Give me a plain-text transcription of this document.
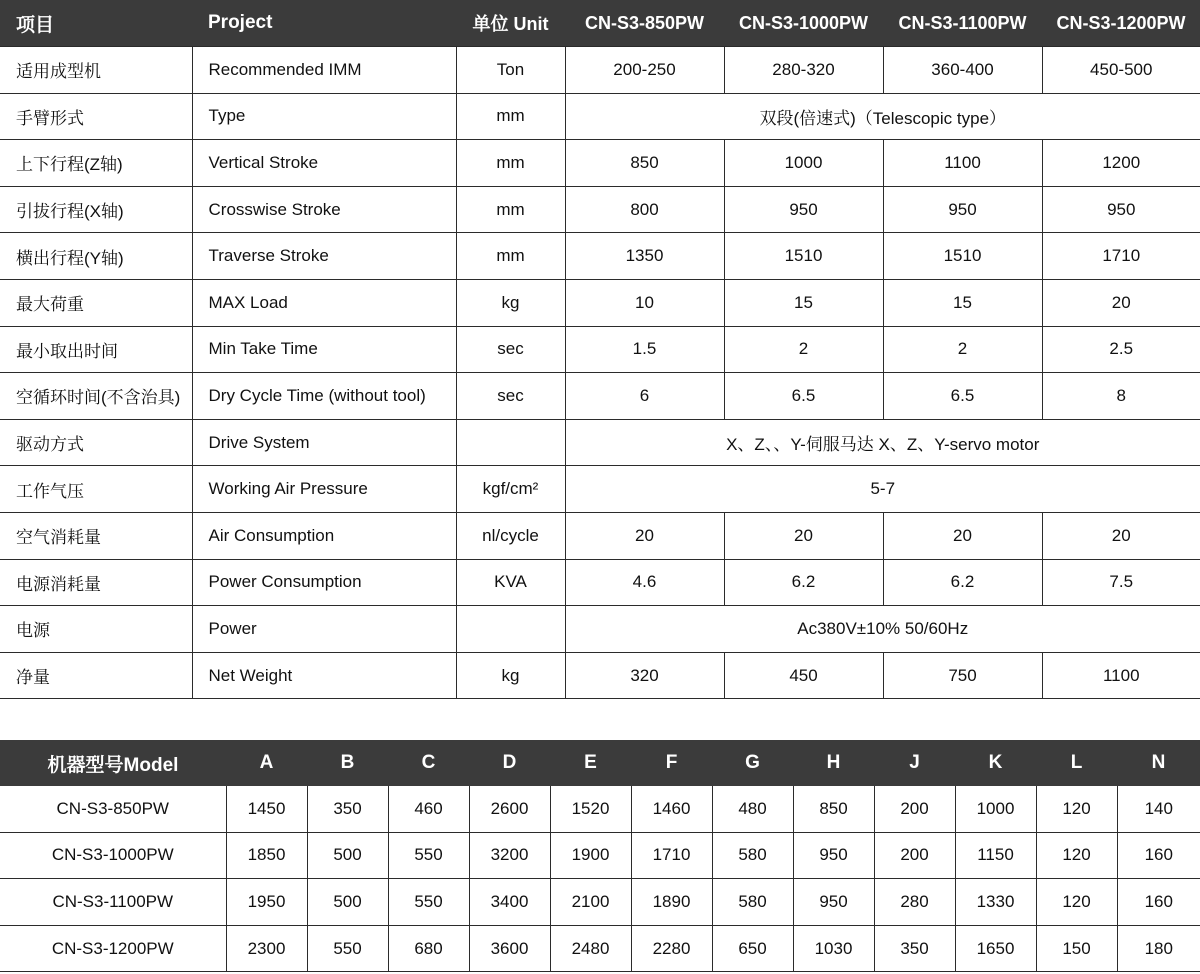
项目	Project	单位 Unit	CN-S3-850PW	CN-S3-1000PW	CN-S3-1100PW	CN-S3-1200PW
适用成型机	Recommended IMM	Ton	200-250	280-320	360-400	450-500
手臂形式	Type	mm	双段(倍速式)（Telescopic type）			
上下行程(Z轴)	Vertical Stroke	mm	850	1000	1100	1200
引拔行程(X轴)	Crosswise Stroke	mm	800	950	950	950
横出行程(Y轴)	Traverse Stroke	mm	1350	1510	1510	1710
最大荷重	MAX Load	kg	10	15	15	20
最小取出时间	Min Take Time	sec	1.5	2	2	2.5
空循环时间(不含治具)	Dry Cycle Time (without tool)	sec	6	6.5	6.5	8
驱动方式	Drive System		X、Z、、Y-伺服马达 X、Z、Y-servo motor			
工作气压	Working Air Pressure	kgf/cm²	5-7			
空气消耗量	Air Consumption	nl/cycle	20	20	20	20
电源消耗量	Power Consumption	KVA	4.6	6.2	6.2	7.5
电源	Power		Ac380V±10% 50/60Hz			
净量	Net Weight	kg	320	450	750	1100
机器型号Model	A	B	C	D	E	F	G	H	J	K	L	N
CN-S3-850PW	1450	350	460	2600	1520	1460	480	850	200	1000	120	140
CN-S3-1000PW	1850	500	550	3200	1900	1710	580	950	200	1150	120	160
CN-S3-1100PW	1950	500	550	3400	2100	1890	580	950	280	1330	120	160
CN-S3-1200PW	2300	550	680	3600	2480	2280	650	1030	350	1650	150	180
